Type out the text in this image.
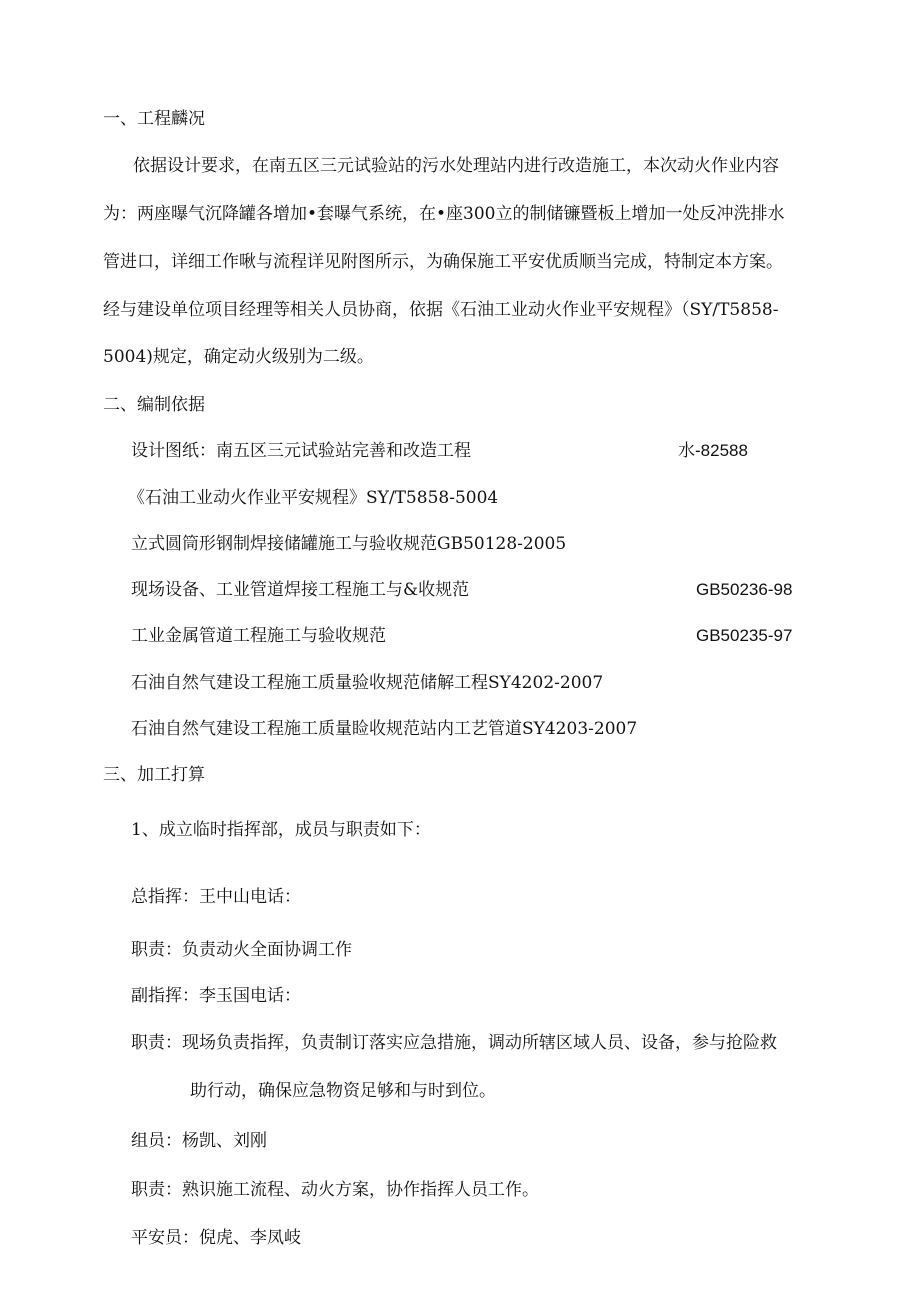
一、工程麟况
依据设计要求，在南五区三元试验站的污水处理站内进行改造施工，本次动火作业内容
为：两座曝气沉降罐各增加•套曝气系统，在•座300立的制储镰暨板上增加一处反冲洗排水
管进口，详细工作啾与流程详见附图所示，为确保施工平安优质顺当完成，特制定本方案。
经与建设单位项目经理等相关人员协商，依据《石油工业动火作业平安规程》（SY/T5858-
5004)规定，确定动火级别为二级。
二、编制依据
设计图纸：南五区三元试验站完善和改造工程	水-82588
《石油工业动火作业平安规程》SY/T5858-5004
立式圆筒形钢制焊接储罐施工与验收规范GB50128-2005
现场设备、工业管道焊接工程施工与&收规范	GB50236-98
工业金属管道工程施工与验收规范	GB50235-97
石油自然气建设工程施工质量验收规范储解工程SY4202-2007
石油自然气建设工程施工质量睑收规范站内工艺管道SY4203-2007
三、加工打算
1、成立临时指挥部，成员与职责如下：
总指挥：王中山电话：
职责：负责动火全面协调工作
副指挥：李玉国电话：
职责：现场负责指挥，负责制订落实应急措施，调动所辖区域人员、设备，参与抢险救
助行动，确保应急物资足够和与时到位。
组员：杨凯、刘刚
职责：熟识施工流程、动火方案，协作指挥人员工作。
平安员：倪虎、李凤岐
